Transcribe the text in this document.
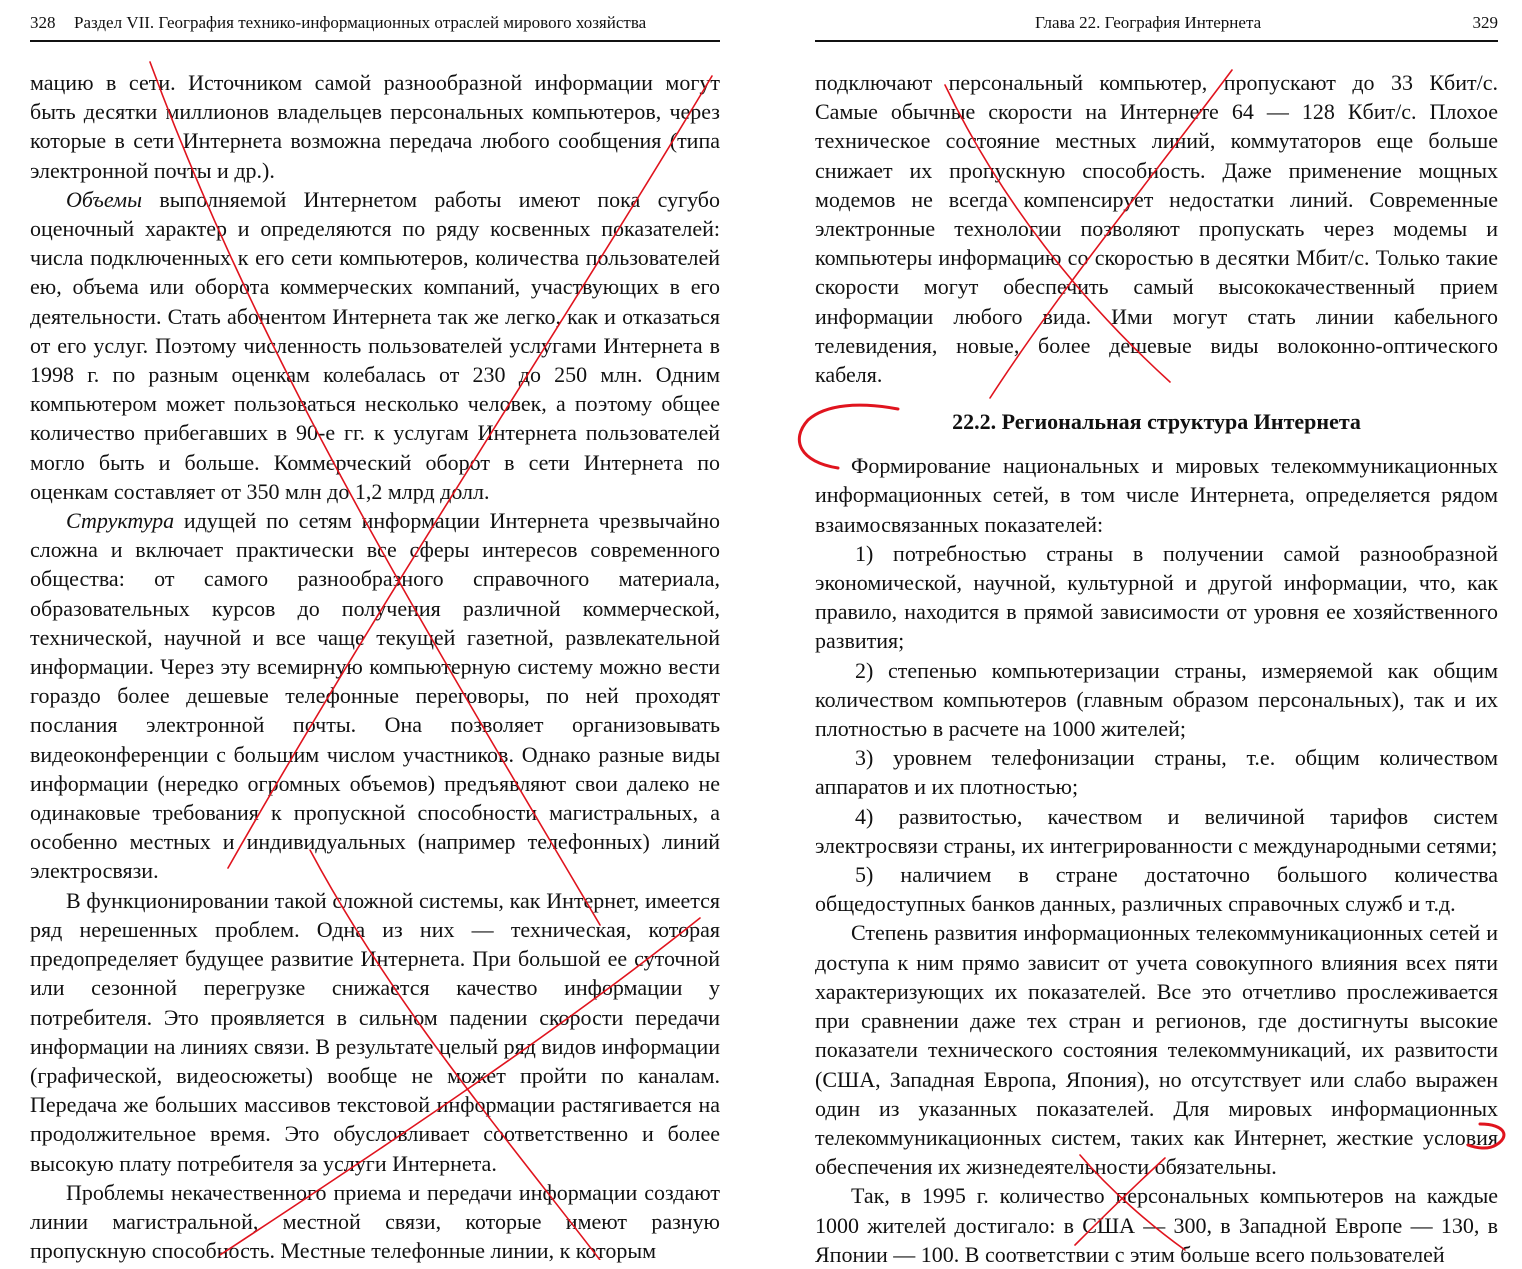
328 Раздел VII. География технико-информационных отраслей мирового хозяйства

мацию в сети. Источником самой разнообразной информации могут быть десятки миллионов владельцев персональных компьютеров, через которые в сети Интернета возможна передача любого сообщения (типа электронной почты и др.).

Объемы выполняемой Интернетом работы имеют пока сугубо оценочный характер и определяются по ряду косвенных показателей: числа подключенных к его сети компьютеров, количества пользователей ею, объема или оборота коммерческих компаний, участвующих в его деятельности. Стать абонентом Интернета так же легко, как и отказаться от его услуг. Поэтому численность пользователей услугами Интернета в 1998 г. по разным оценкам колебалась от 230 до 250 млн. Одним компьютером может пользоваться несколько человек, а поэтому общее количество прибегавших в 90-е гг. к услугам Интернета пользователей могло быть и больше. Коммерческий оборот в сети Интернета по оценкам составляет от 350 млн до 1,2 млрд долл.

Структура идущей по сетям информации Интернета чрезвычайно сложна и включает практически все сферы интересов современного общества: от самого разнообразного справочного материала, образовательных курсов до получения различной коммерческой, технической, научной и все чаще текущей газетной, развлекательной информации. Через эту всемирную компьютерную систему можно вести гораздо более дешевые телефонные переговоры, по ней проходят послания электронной почты. Она позволяет организовывать видеоконференции с большим числом участников. Однако разные виды информации (нередко огромных объемов) предъявляют свои далеко не одинаковые требования к пропускной способности магистральных, а особенно местных и индивидуальных (например телефонных) линий электросвязи.

В функционировании такой сложной системы, как Интернет, имеется ряд нерешенных проблем. Одна из них — техническая, которая предопределяет будущее развитие Интернета. При большой ее суточной или сезонной перегрузке снижается качество информации у потребителя. Это проявляется в сильном падении скорости передачи информации на линиях связи. В результате целый ряд видов информации (графической, видеосюжеты) вообще не может пройти по каналам. Передача же больших массивов текстовой информации растягивается на продолжительное время. Это обусловливает соответственно и более высокую плату потребителя за услуги Интернета.

Проблемы некачественного приема и передачи информации создают линии магистральной, местной связи, которые имеют разную пропускную способность. Местные телефонные линии, к которым

Глава 22. География Интернета	329

подключают персональный компьютер, пропускают до 33 Кбит/с. Самые обычные скорости на Интернете 64 — 128 Кбит/с. Плохое техническое состояние местных линий, коммутаторов еще больше снижает их пропускную способность. Даже применение мощных модемов не всегда компенсирует недостатки линий. Современные электронные технологии позволяют пропускать через модемы и компьютеры информацию со скоростью в десятки Мбит/с. Только такие скорости могут обеспечить самый высококачественный прием информации любого вида. Ими могут стать линии кабельного телевидения, новые, более дешевые виды волоконно-оптического кабеля.

22.2. Региональная структура Интернета

Формирование национальных и мировых телекоммуникационных информационных сетей, в том числе Интернета, определяется рядом взаимосвязанных показателей:

1) потребностью страны в получении самой разнообразной экономической, научной, культурной и другой информации, что, как правило, находится в прямой зависимости от уровня ее хозяйственного развития;

2) степенью компьютеризации страны, измеряемой как общим количеством компьютеров (главным образом персональных), так и их плотностью в расчете на 1000 жителей;

3) уровнем телефонизации страны, т.е. общим количеством аппаратов и их плотностью;

4) развитостью, качеством и величиной тарифов систем электросвязи страны, их интегрированности с международными сетями;

5) наличием в стране достаточно большого количества общедоступных банков данных, различных справочных служб и т.д.

Степень развития информационных телекоммуникационных сетей и доступа к ним прямо зависит от учета совокупного влияния всех пяти характеризующих их показателей. Все это отчетливо прослеживается при сравнении даже тех стран и регионов, где достигнуты высокие показатели технического состояния телекоммуникаций, их развитости (США, Западная Европа, Япония), но отсутствует или слабо выражен один из указанных показателей. Для мировых информационных телекоммуникационных систем, таких как Интернет, жесткие условия обеспечения их жизнедеятельности обязательны.

Так, в 1995 г. количество персональных компьютеров на каждые 1000 жителей достигало: в США — 300, в Западной Европе — 130, в Японии — 100. В соответствии с этим больше всего пользователей
